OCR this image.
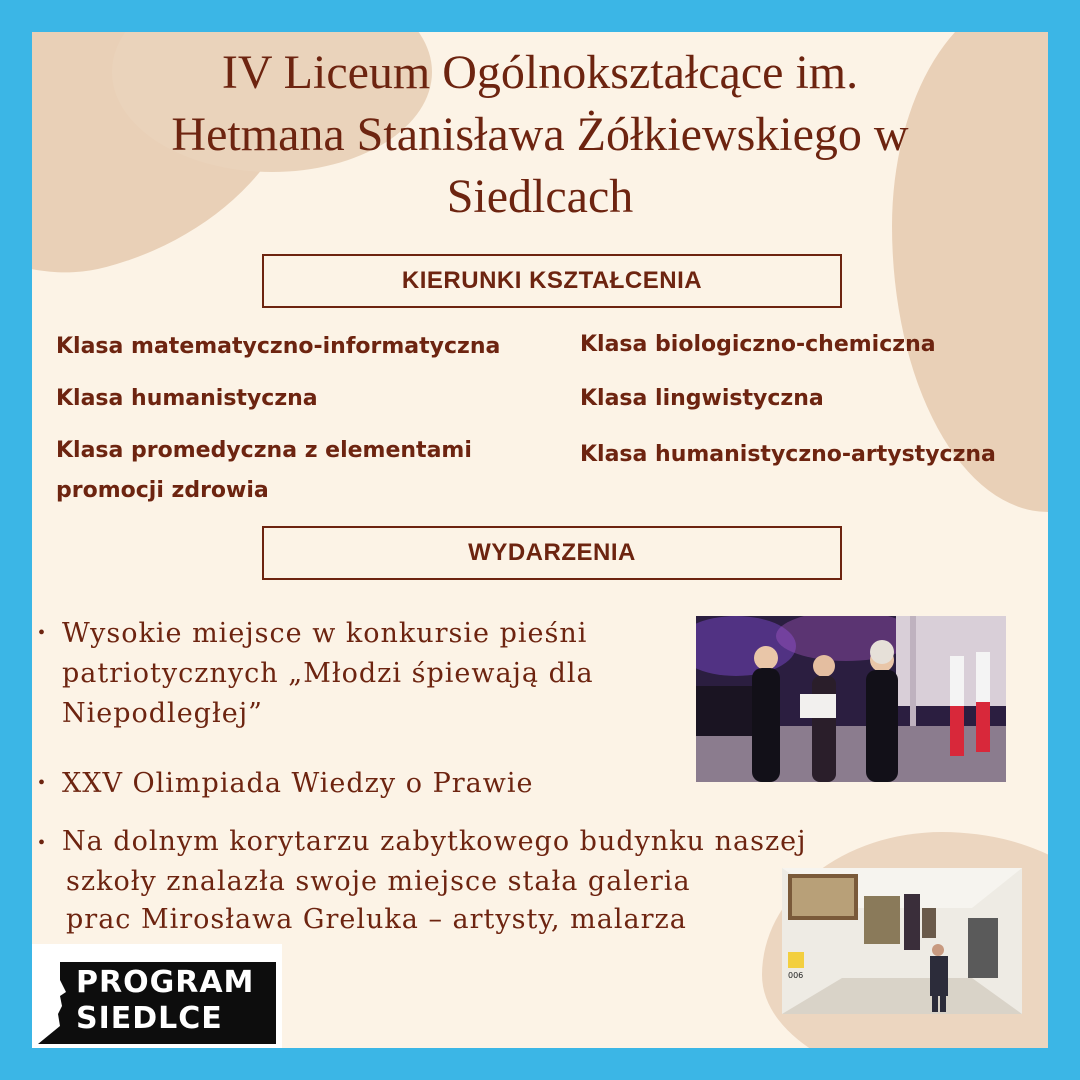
IV Liceum Ogólnokształcące im.
Hetmana Stanisława Żółkiewskiego w
Siedlcach
KIERUNKI KSZTAŁCENIA
Klasa matematyczno-informatyczna
Klasa humanistyczna
Klasa promedyczna z elementami
promocji zdrowia
Klasa biologiczno-chemiczna
Klasa lingwistyczna
Klasa humanistyczno-artystyczna
WYDARZENIA
• Wysokie miejsce w konkursie pieśni
patriotycznych „Młodzi śpiewają dla
Niepodległej”
• XXV Olimpiada Wiedzy o Prawie
• Na dolnym korytarzu zabytkowego budynku naszej
szkoły znalazła swoje miejsce stała galeria
prac Mirosława Greluka – artysty, malarza
006
PROGRAM
SIEDLCE
